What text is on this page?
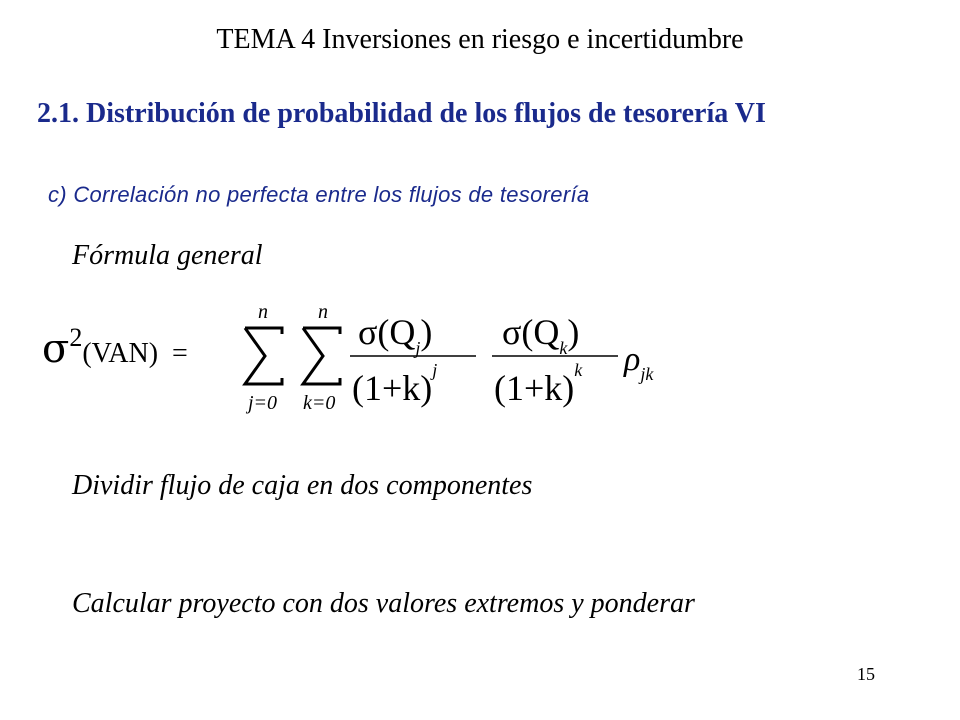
TEMA 4 Inversiones en riesgo e incertidumbre
2.1. Distribución de probabilidad de los flujos de tesorería VI
c) Correlación no perfecta entre los flujos de tesorería
Fórmula general
$\sigma^2(VAN)$ =
n
j=0
n
k=0
$\sigma(Q_j)$
$(1+k)^j$
$\sigma(Q_k)$
$(1+k)^k$ $\rho_{jk}$
Dividir flujo de caja en dos componentes
Calcular proyecto con dos valores extremos y ponderar
15
